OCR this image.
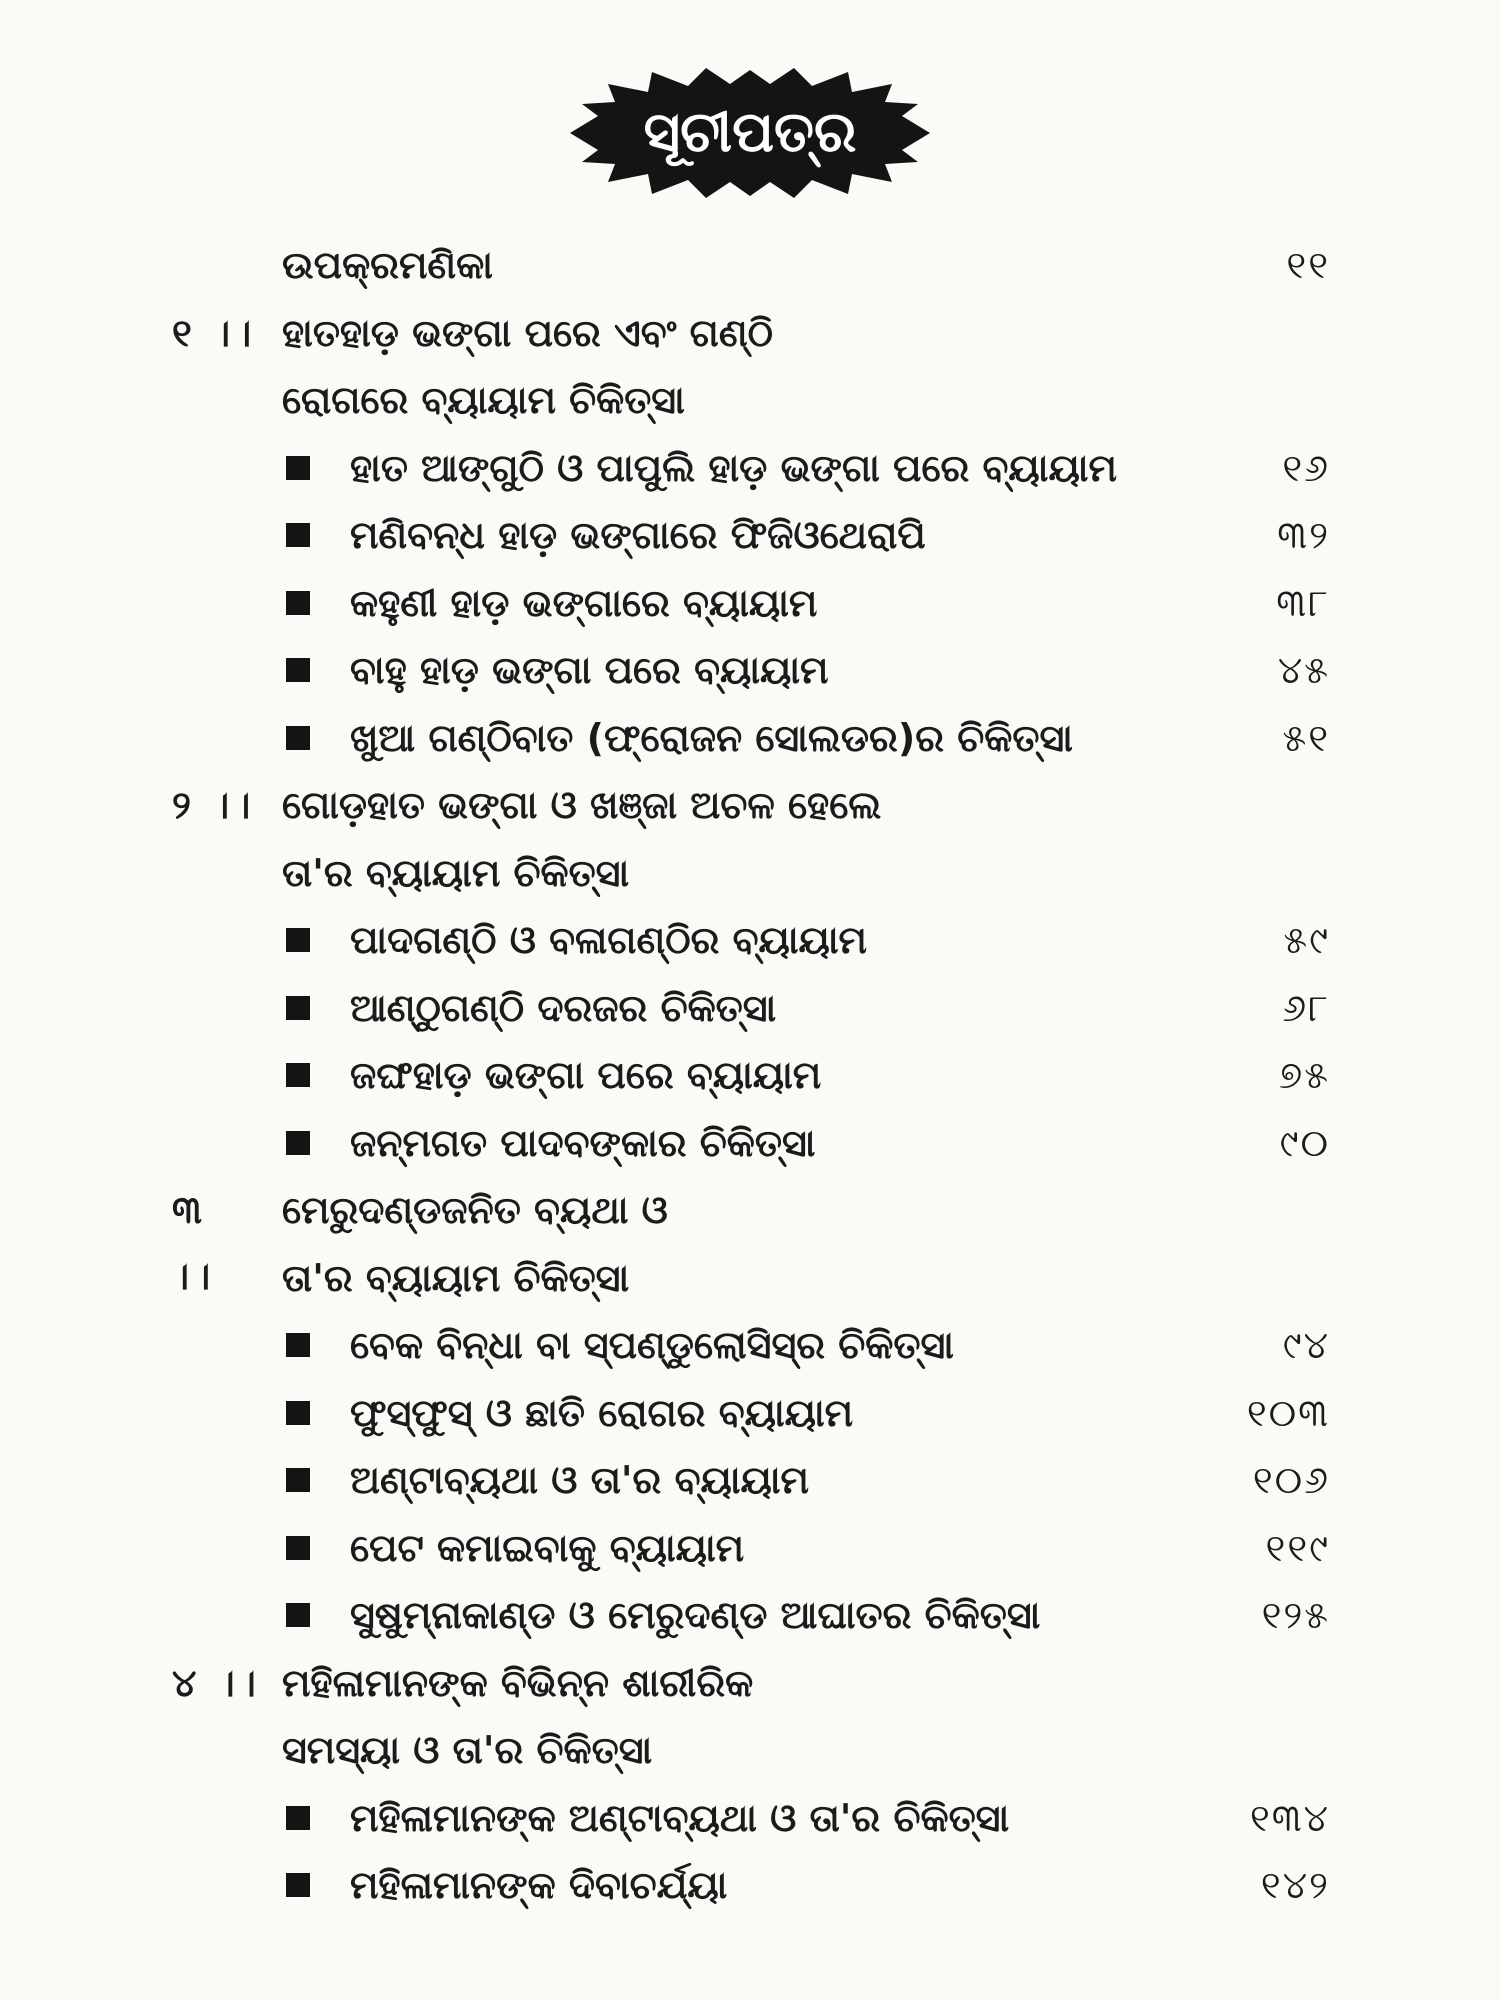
ସୂଚୀପତ୍ର
ଉପକ୍ରମଣିକା	୧୧
୧ ।। ହାତହାଡ଼ ଭଙ୍ଗା ପରେ ଏବଂ ଗଣ୍ଠି
ରୋଗରେ ବ୍ୟାୟାମ ଚିକିତ୍ସା
ହାତ ଆଙ୍ଗୁଠି ଓ ପାପୁଲି ହାଡ଼ ଭଙ୍ଗା ପରେ ବ୍ୟାୟାମ	୧୬
ମଣିବନ୍ଧ ହାଡ଼ ଭଙ୍ଗାରେ ଫିଜିଓଥେରାପି	୩୨
କହୁଣୀ ହାଡ଼ ଭଙ୍ଗାରେ ବ୍ୟାୟାମ	୩୮
ବାହୁ ହାଡ଼ ଭଙ୍ଗା ପରେ ବ୍ୟାୟାମ	୪୫
ଖୁଆ ଗଣ୍ଠିବାତ (ଫ୍ରୋଜନ ସୋଲଡର)ର ଚିକିତ୍ସା	୫୧
୨ ।। ଗୋଡ଼ହାତ ଭଙ୍ଗା ଓ ଖଞ୍ଜା ଅଚଳ ହେଲେ
ତା'ର ବ୍ୟାୟାମ ଚିକିତ୍ସା
ପାଦଗଣ୍ଠି ଓ ବଳାଗଣ୍ଠିର ବ୍ୟାୟାମ	୫୯
ଆଣ୍ଠୁଗଣ୍ଠି ଦରଜର ଚିକିତ୍ସା	୬୮
ଜଙ୍ଘହାଡ଼ ଭଙ୍ଗା ପରେ ବ୍ୟାୟାମ	୭୫
ଜନ୍ମଗତ ପାଦବଙ୍କାର ଚିକିତ୍ସା	୯୦
୩ ।।
ମେରୁଦଣ୍ଡଜନିତ ବ୍ୟଥା ଓ
ତା'ର ବ୍ୟାୟାମ ଚିକିତ୍ସା
ବେକ ବିନ୍ଧା ବା ସ୍ପଣ୍ଡୁଲୋସିସ୍‌ର ଚିକିତ୍ସା	୯୪
ଫୁସ୍‌ଫୁସ୍ ଓ ଛାତି ରୋଗର ବ୍ୟାୟାମ	୧୦୩
ଅଣ୍ଟାବ୍ୟଥା ଓ ତା'ର ବ୍ୟାୟାମ	୧୦୬
ପେଟ କମାଇବାକୁ ବ୍ୟାୟାମ	୧୧୯
ସୁଷୁମ୍ନାକାଣ୍ଡ ଓ ମେରୁଦଣ୍ଡ ଆଘାତର ଚିକିତ୍ସା	୧୨୫
୪ ।। ମହିଳାମାନଙ୍କ ବିଭିନ୍ନ ଶାରୀରିକ
ସମସ୍ୟା ଓ ତା'ର ଚିକିତ୍ସା
ମହିଳାମାନଙ୍କ ଅଣ୍ଟାବ୍ୟଥା ଓ ତା'ର ଚିକିତ୍ସା	୧୩୪
ମହିଳାମାନଙ୍କ ଦିବାଚର୍ଯ୍ୟା	୧୪୨
